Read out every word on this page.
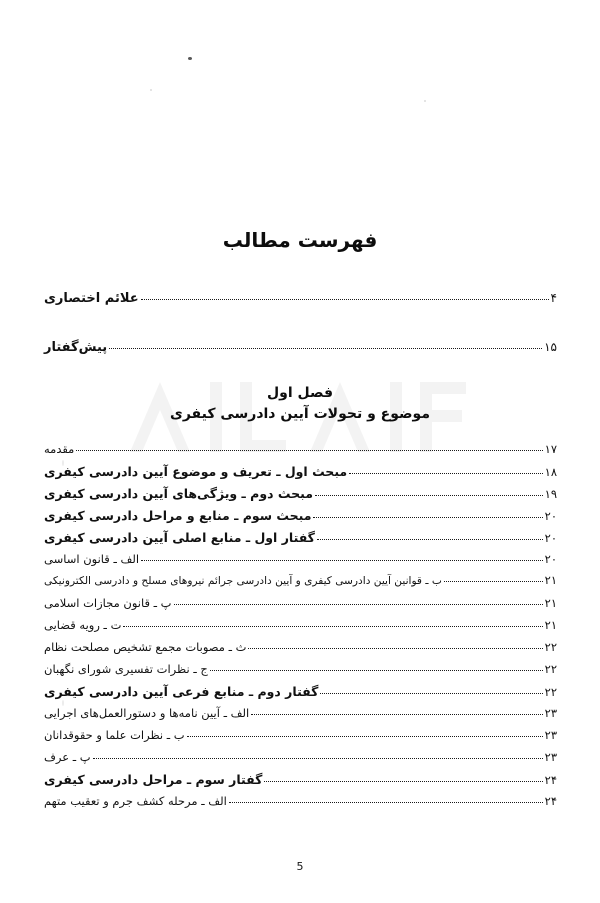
فهرست مطالب
علائم اختصاری	۴
پیش‌گفتار	۱۵
فصل اول
موضوع و تحولات آیین دادرسی کیفری
مقدمه	۱۷
مبحث اول ـ تعریف و موضوع آیین دادرسی کیفری	۱۸
مبحث دوم ـ ویژگی‌های آیین دادرسی کیفری	۱۹
مبحث سوم ـ منابع و مراحل دادرسی کیفری	۲۰
گفتار اول ـ منابع اصلی آیین دادرسی کیفری	۲۰
الف ـ قانون اساسی	۲۰
ب ـ قوانین آیین دادرسی کیفری و آیین دادرسی جرائم نیروهای مسلح و دادرسی الکترونیکی	۲۱
پ ـ قانون مجازات اسلامی	۲۱
ت ـ رویه قضایی	۲۱
ث ـ مصوبات مجمع تشخیص مصلحت نظام	۲۲
ج ـ نظرات تفسیری شورای نگهبان	۲۲
گفتار دوم ـ منابع فرعی آیین دادرسی کیفری	۲۲
الف ـ آیین نامه‌ها و دستورالعمل‌های اجرایی	۲۳
ب ـ نظرات علما و حقوقدانان	۲۳
پ ـ عرف	۲۳
گفتار سوم ـ مراحل دادرسی کیفری	۲۴
الف ـ مرحله کشف جرم و تعقیب متهم	۲۴
5
